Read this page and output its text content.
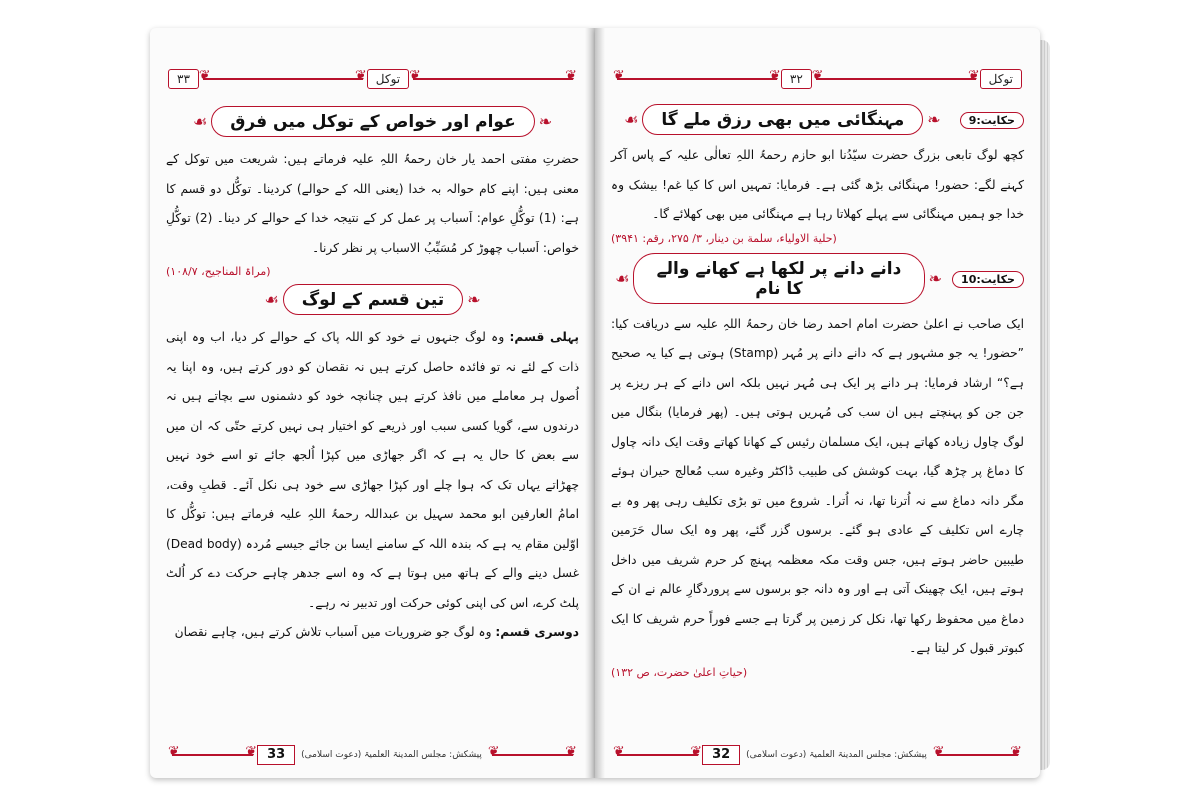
۳۳ ❦ ❦	توکل
❦ ❦
❧
عوام اور خواص کے توکل میں فرق
☙

حضرتِ مفتی احمد یار خان رحمۃُ اللہِ علیہ فرماتے ہیں: شریعت میں توکل کے معنی ہیں: اپنے کام حوالہ بہ خدا (یعنی اللہ کے حوالے) کردینا۔ توکُّل دو قسم کا ہے: (1) توکُّلِ عوام: اَسباب پر عمل کر کے نتیجہ خدا کے حوالے کر دینا۔ (2) توکُّلِ خواص: اَسباب چھوڑ کر مُسَبِّبُ الاسباب پر نظر کرنا۔

(مراۃ المناجیح، ۱۰۸/۷)
❧
تین قسم کے لوگ
☙

پہلی قسم: وہ لوگ جنہوں نے خود کو اللہ پاک کے حوالے کر دیا، اب وہ اپنی ذات کے لئے نہ تو فائدہ حاصل کرتے ہیں نہ نقصان کو دور کرتے ہیں، وہ اپنا یہ اُصول ہر معاملے میں نافذ کرتے ہیں چنانچہ خود کو دشمنوں سے بچاتے ہیں نہ درندوں سے، گویا کسی سبب اور ذریعے کو اختیار ہی نہیں کرتے حتّی کہ ان میں سے بعض کا حال یہ ہے کہ اگر جھاڑی میں کپڑا اُلجھ جائے تو اسے خود نہیں چھڑاتے یہاں تک کہ ہوا چلے اور کپڑا جھاڑی سے خود ہی نکل آئے۔ قطبِ وقت، امامُ العارفین ابو محمد سہیل بن عبداللہ رحمۃُ اللہِ علیہ فرماتے ہیں: توکُّل کا اوّلین مقام یہ ہے کہ بندہ اللہ کے سامنے ایسا بن جائے جیسے مُردہ (Dead body) غسل دینے والے کے ہاتھ میں ہوتا ہے کہ وہ اسے جدھر چاہے حرکت دے کر اُلٹ پلٹ کرے، اس کی اپنی کوئی حرکت اور تدبیر نہ رہے۔

دوسری قسم: وہ لوگ جو ضروریات میں اَسباب تلاش کرتے ہیں، چاہے نقصان

❦ ❦
33	پیشکش: مجلس المدینۃ العلمیۃ (دعوت اسلامی)
❦ ❦
❦ ❦
۳۲ ❦ ❦	توکل
حکایت:9
❧
مہنگائی میں بھی رزق ملے گا
☙

کچھ لوگ تابعی بزرگ حضرت سیّدُنا ابو حازم رحمۃُ اللہِ تعالٰی علیہ کے پاس آکر کہنے لگے: حضور! مہنگائی بڑھ گئی ہے۔ فرمایا: تمہیں اس کا کیا غم! بیشک وہ خدا جو ہمیں مہنگائی سے پہلے کھلاتا رہا ہے مہنگائی میں بھی کھلائے گا۔

(حلیة الاولیاء، سلمة بن دینار، ۳/ ۲۷۵، رقم: ۳۹۴۱)
حکایت:10
❧
دانے دانے پر لکھا ہے کھانے والے کا نام
☙

ایک صاحب نے اعلیٰ حضرت امام احمد رضا خان رحمۃُ اللہِ علیہ سے دریافت کیا: ”حضور! یہ جو مشہور ہے کہ دانے دانے پر مُہر (Stamp) ہوتی ہے کیا یہ صحیح ہے؟“ ارشاد فرمایا: ہر دانے پر ایک ہی مُہر نہیں بلکہ اس دانے کے ہر ریزے پر جن جن کو پہنچتے ہیں ان سب کی مُہریں ہوتی ہیں۔ (پھر فرمایا) بنگال میں لوگ چاول زیادہ کھاتے ہیں، ایک مسلمان رئیس کے کھانا کھاتے وقت ایک دانہ چاول کا دماغ پر چڑھ گیا، بہت کوشش کی طبیب ڈاکٹر وغیرہ سب مُعالج حیران ہوئے مگر دانہ دماغ سے نہ اُترنا تھا، نہ اُترا۔ شروع میں تو بڑی تکلیف رہی پھر وہ بے چارے اس تکلیف کے عادی ہو گئے۔ برسوں گزر گئے، پھر وہ ایک سال حَرَمین طیبین حاضر ہوتے ہیں، جس وقت مکہ معظمہ پہنچ کر حرم شریف میں داخل ہوتے ہیں، ایک چھینک آتی ہے اور وہ دانہ جو برسوں سے پروردگارِ عالم نے ان کے دماغ میں محفوظ رکھا تھا، نکل کر زمین پر گرتا ہے جسے فوراً حرم شریف کا ایک کبوتر قبول کر لیتا ہے۔

(حیاتِ اعلیٰ حضرت، ص ۱۳۲)
❦ ❦
32	پیشکش: مجلس المدینۃ العلمیۃ (دعوت اسلامی)
❦ ❦
